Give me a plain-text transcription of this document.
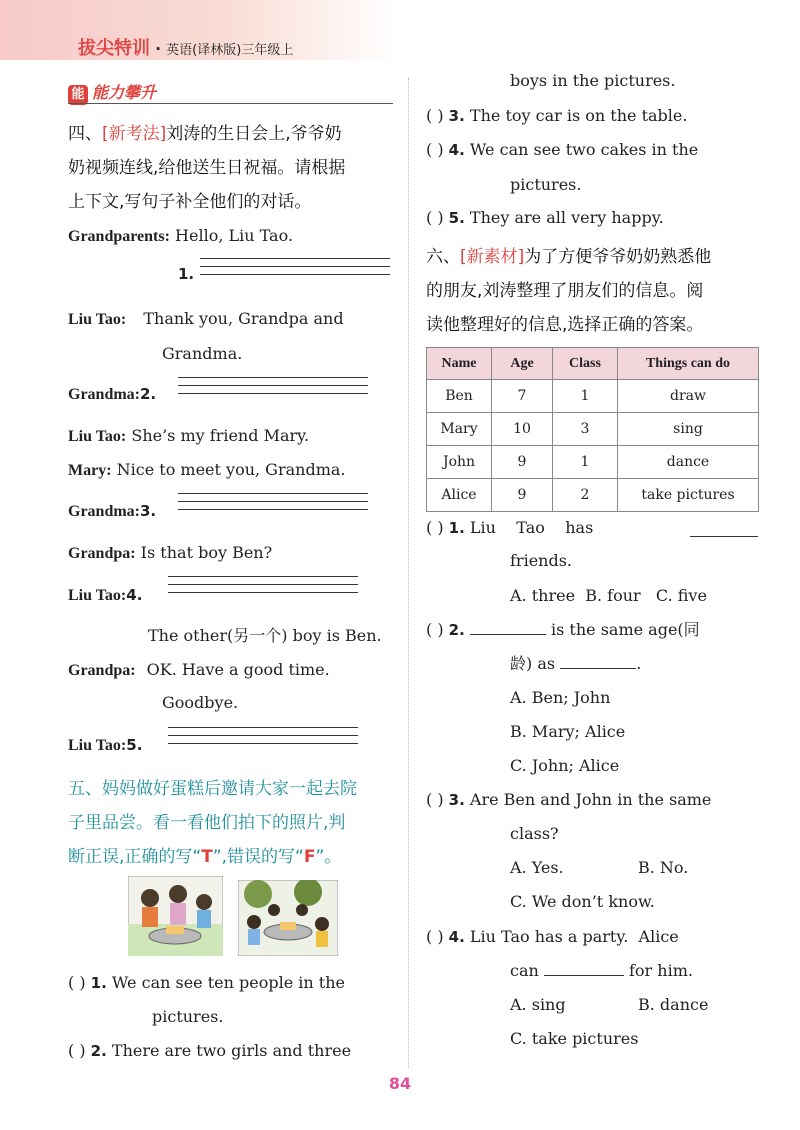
拔尖特训 · 英语(译林版)三年级上
能 能力攀升
四、[新考法]刘涛的生日会上,爷爷奶
奶视频连线,给他送生日祝福。请根据
上下文,写句子补全他们的对话。
Grandparents: Hello, Liu Tao.
1.
Liu Tao: Thank you, Grandpa and
Grandma.
Grandma:2.
Liu Tao: She’s my friend Mary.
Mary: Nice to meet you, Grandma.
Grandma:3.
Grandpa: Is that boy Ben?
Liu Tao:4.
The other(另一个) boy is Ben.
Grandpa: OK. Have a good time.
Goodbye.
Liu Tao:5.
五、妈妈做好蛋糕后邀请大家一起去院
子里品尝。看一看他们拍下的照片,判
断正误,正确的写“T”,错误的写“F”。
( ) 1. We can see ten people in the
pictures.
( ) 2. There are two girls and three
boys in the pictures.
( ) 3. The toy car is on the table.
( ) 4. We can see two cakes in the
pictures.
( ) 5. They are all very happy.
六、[新素材]为了方便爷爷奶奶熟悉他
的朋友,刘涛整理了朋友们的信息。阅
读他整理好的信息,选择正确的答案。
Name	Age	Class	Things can do
Ben	7	1	draw
Mary	10	3	sing
John	9	1	dance
Alice	9	2	take pictures
( ) 1. Liu    Tao    has
friends.
A. three  B. four   C. five
( ) 2.	is the same age(同
龄) as	.
A. Ben; John
B. Mary; Alice
C. John; Alice
( ) 3. Are Ben and John in the same
class?
A. Yes.	B. No.
C. We don’t know.
( ) 4. Liu Tao has a party.  Alice
can	for him.
A. sing	B. dance
C. take pictures
84
